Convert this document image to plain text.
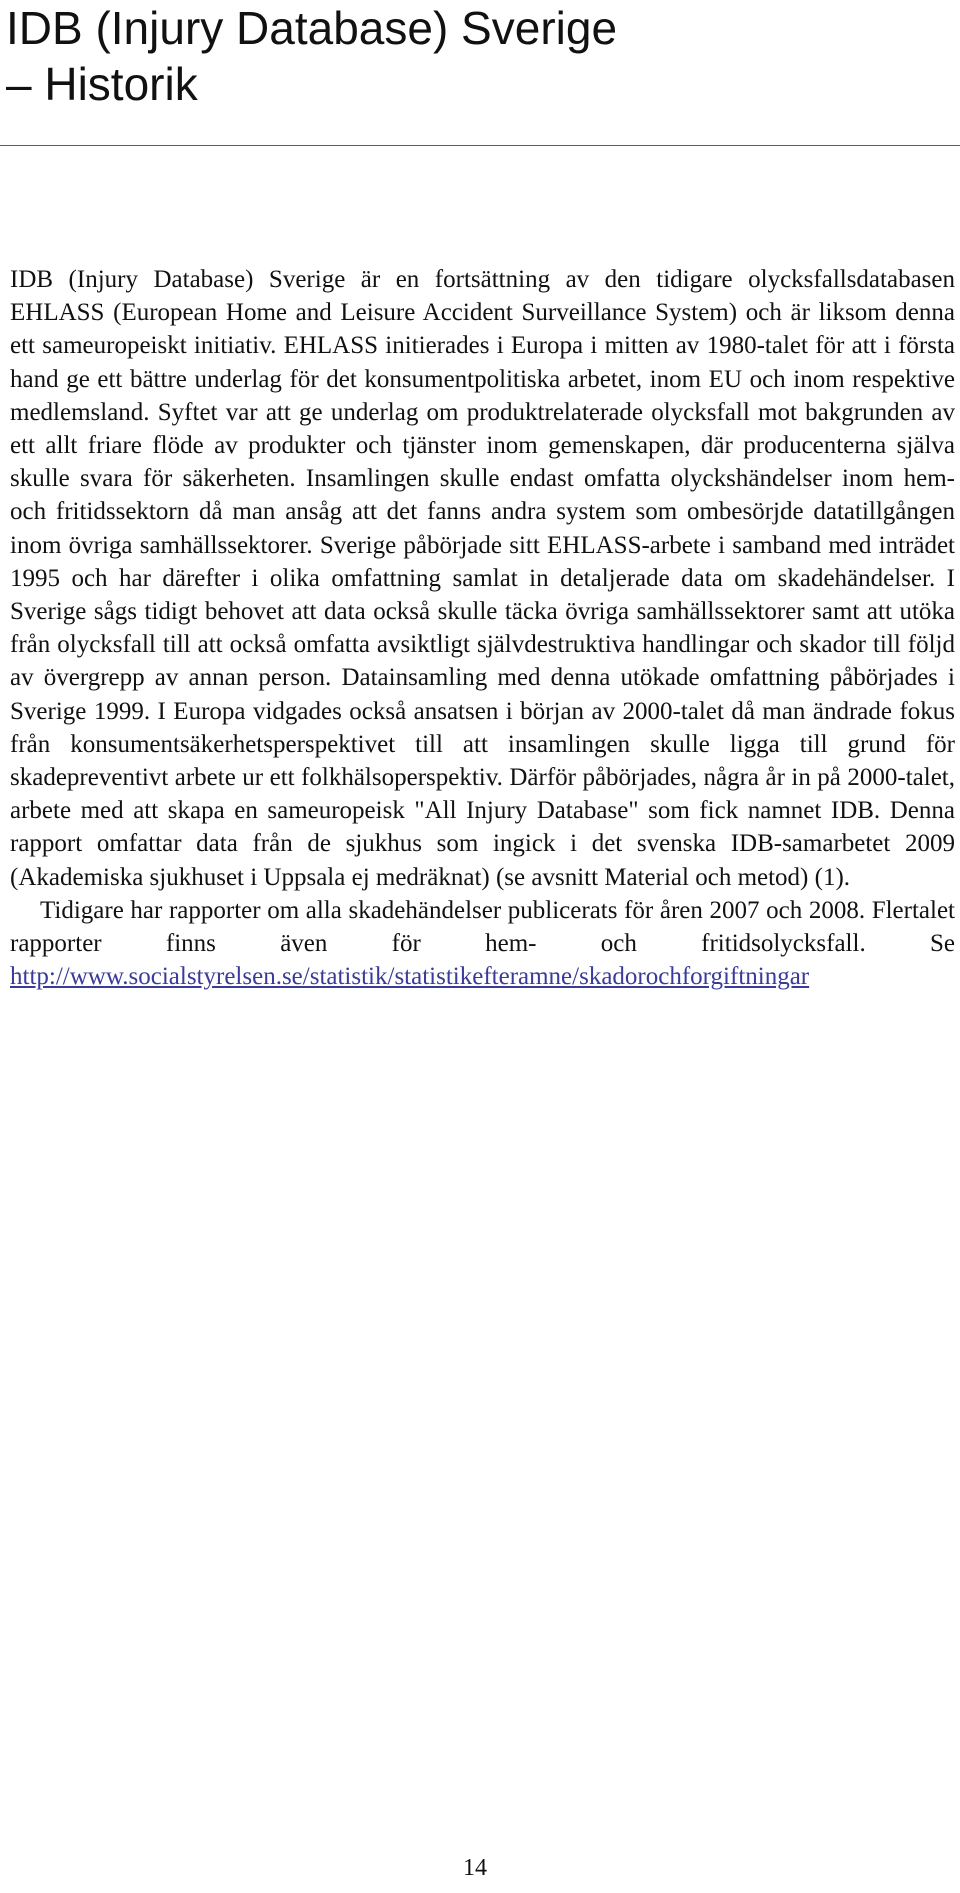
IDB (Injury Database) Sverige
– Historik

IDB (Injury Database) Sverige är en fortsättning av den tidigare olycksfallsdatabasen EHLASS (European Home and Leisure Accident Surveillance System) och är liksom denna ett sameuropeiskt initiativ. EHLASS initierades i Europa i mitten av 1980-talet för att i första hand ge ett bättre underlag för det konsumentpolitiska arbetet, inom EU och inom respektive medlemsland. Syftet var att ge underlag om produktrelaterade olycksfall mot bakgrunden av ett allt friare flöde av produkter och tjänster inom gemenskapen, där producenterna själva skulle svara för säkerheten. Insamlingen skulle endast omfatta olyckshändelser inom hem- och fritidssektorn då man ansåg att det fanns andra system som ombesörjde datatillgången inom övriga samhällssektorer. Sverige påbörjade sitt EHLASS-arbete i samband med inträdet 1995 och har därefter i olika omfattning samlat in detaljerade data om skadehändelser. I Sverige sågs tidigt behovet att data också skulle täcka övriga samhällssektorer samt att utöka från olycksfall till att också omfatta avsiktligt självdestruktiva handlingar och skador till följd av övergrepp av annan person. Datainsamling med denna utökade omfattning påbörjades i Sverige 1999. I Europa vidgades också ansatsen i början av 2000-talet då man ändrade fokus från konsumentsäkerhetsperspektivet till att insamlingen skulle ligga till grund för skadepreventivt arbete ur ett folkhälsoperspektiv. Därför påbörjades, några år in på 2000-talet, arbete med att skapa en sameuropeisk "All Injury Database" som fick namnet IDB. Denna rapport omfattar data från de sjukhus som ingick i det svenska IDB-samarbetet 2009 (Akademiska sjukhuset i Uppsala ej medräknat) (se avsnitt Material och metod) (1).

Tidigare har rapporter om alla skadehändelser publicerats för åren 2007 och 2008. Flertalet rapporter finns även för hem- och fritidsolycksfall. Se http://www.socialstyrelsen.se/statistik/statistikefteramne/skadorochforgiftningar

14
